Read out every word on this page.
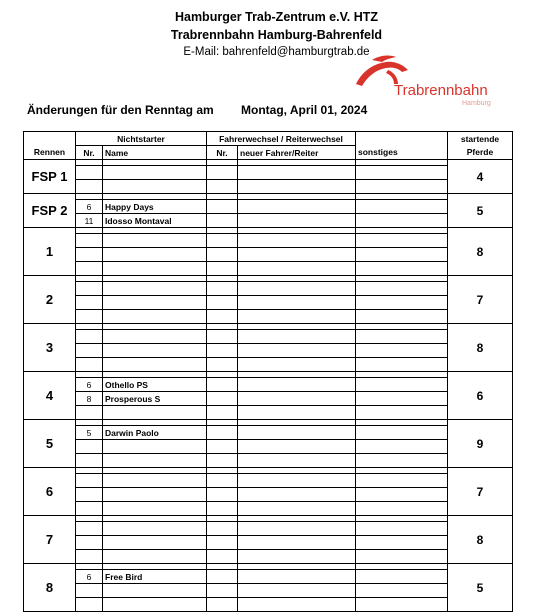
Hamburger Trab-Zentrum e.V. HTZ
Trabrennbahn Hamburg-Bahrenfeld
E-Mail: bahrenfeld@hamburgtrab.de
Trabrennbahn
Hamburg
Änderungen für den Renntag am Montag, April 01, 2024
	Nichtstarter		Fahrerwechsel / Reiterwechsel			startende
Rennen	Nr.	Name	Nr.	neuer Fahrer/Reiter	sonstiges	Pferde
FSP 1						4

FSP 2						5
	6	Happy Days				
	11	Idosso Montaval				
1						8

2						7

3						8

4						6
	6	Othello PS				
	8	Prosperous S				

5						9
	5	Darwin Paolo				

6						7

7						8

8						5
	6	Free Bird				
